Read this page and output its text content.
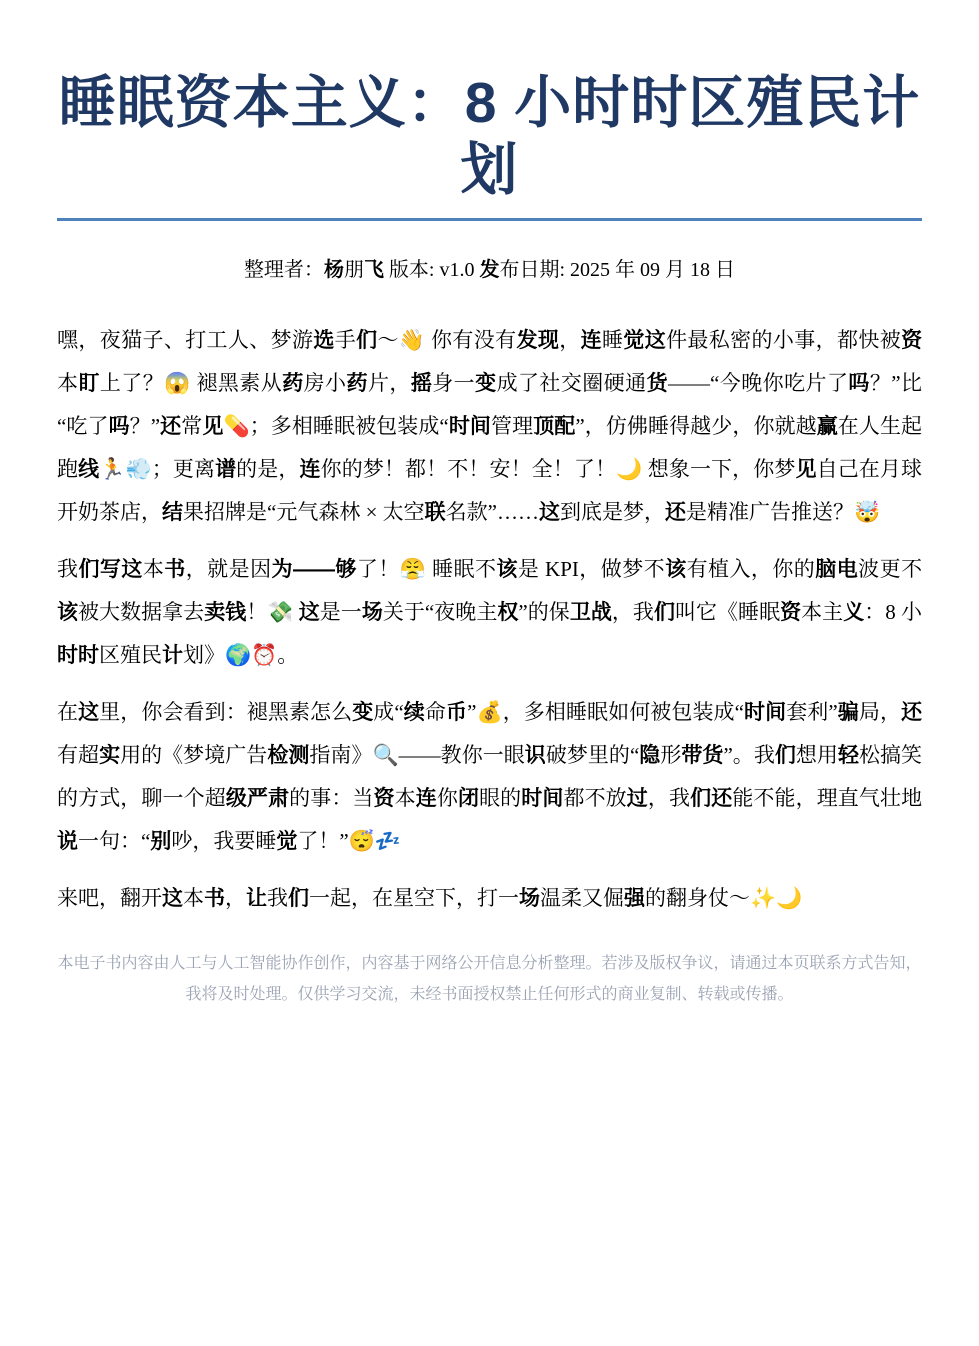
睡眠资本主义：8 小时时区殖民计划
整理者：杨朋飞 版本: v1.0 发布日期: 2025 年 09 月 18 日

嘿，夜猫子、打工人、梦游选手们～👋 你有没有发现，连睡觉这件最私密的小事，都快被资本盯上了？😱 褪黑素从药房小药片，摇身一变成了社交圈硬通货——“今晚你吃片了吗？”比“吃了吗？”还常见💊；多相睡眠被包装成“时间管理顶配”，仿佛睡得越少，你就越赢在人生起跑线🏃💨；更离谱的是，连你的梦！都！不！安！全！了！🌙 想象一下，你梦见自己在月球开奶茶店，结果招牌是“元气森林 × 太空联名款”……这到底是梦，还是精准广告推送？🤯

我们写这本书，就是因为——够了！😤 睡眠不该是 KPI，做梦不该有植入，你的脑电波更不该被大数据拿去卖钱！💸 这是一场关于“夜晚主权”的保卫战，我们叫它《睡眠资本主义：8 小时时区殖民计划》🌍⏰。

在这里，你会看到：褪黑素怎么变成“续命币”💰，多相睡眠如何被包装成“时间套利”骗局，还有超实用的《梦境广告检测指南》🔍——教你一眼识破梦里的“隐形带货”。我们想用轻松搞笑的方式，聊一个超级严肃的事：当资本连你闭眼的时间都不放过，我们还能不能，理直气壮地说一句：“别吵，我要睡觉了！”😴💤

来吧，翻开这本书，让我们一起，在星空下，打一场温柔又倔强的翻身仗～✨🌙

本电子书内容由人工与人工智能协作创作，内容基于网络公开信息分析整理。若涉及版权争议，请通过本页联系方式告知，我将及时处理。仅供学习交流，未经书面授权禁止任何形式的商业复制、转载或传播。
